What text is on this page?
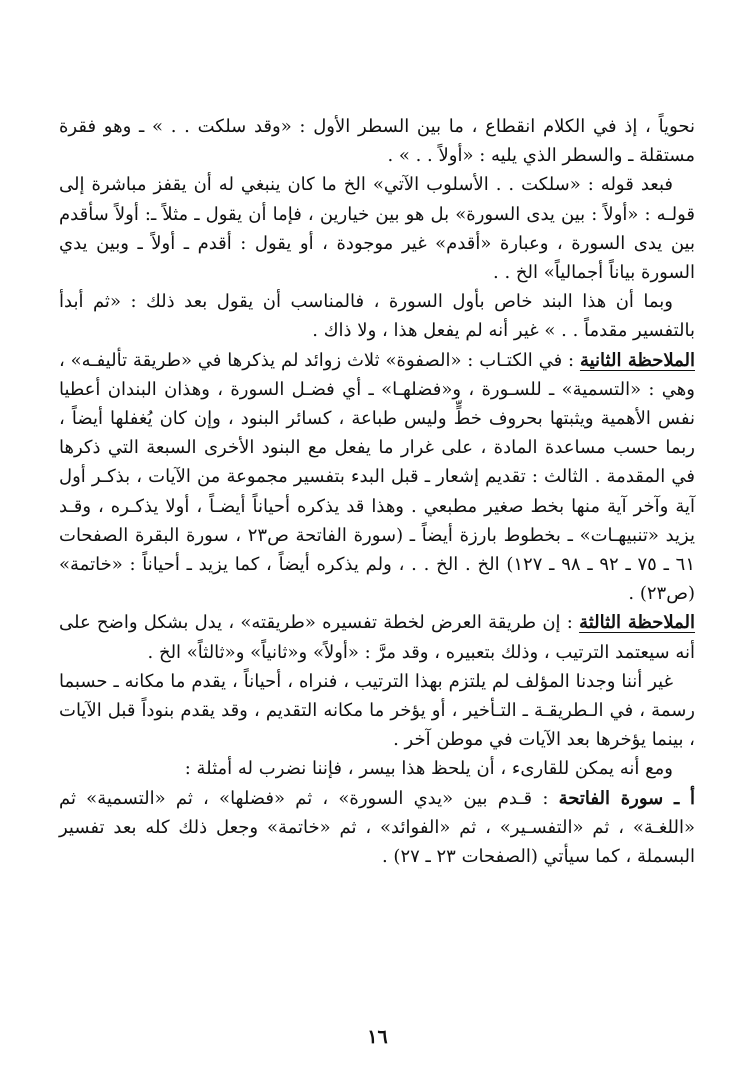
نحوياً ، إذ في الكلام انقطاع ، ما بين السطر الأول : «وقد سلكت . . » ـ وهو فقرة مستقلة ـ والسطر الذي يليه : «أولاً . . » .

فبعد قوله : «سلكت . . الأسلوب الآتي» الخ ما كان ينبغي له أن يقفز مباشرة إلى قولـه : «أولاً : بين يدى السورة» بل هو بين خيارين ، فإما أن يقول ـ مثلاً ـ: أولاً سأقدم بين يدى السورة ، وعبارة «أقدم» غير موجودة ، أو يقول : أقدم ـ أولاً ـ وبين يدي السورة بياناً أجمالياً» الخ . .

وبما أن هذا البند خاص بأول السورة ، فالمناسب أن يقول بعد ذلك : «ثم أبدأ بالتفسير مقدماً . . » غير أنه لم يفعل هذا ، ولا ذاك .

الملاحظة الثانية : في الكتـاب : «الصفوة» ثلاث زوائد لم يذكرها في «طريقة تأليفـه» ، وهي : «التسمية» ـ للسـورة ، و«فضلهـا» ـ أي فضـل السورة ، وهذان البندان أعطيا نفس الأهمية ويثبتها بحروف خطٍّ وليس طباعة ، كسائر البنود ، وإن كان يُغفلها أيضاً ، ربما حسب مساعدة المادة ، على غرار ما يفعل مع البنود الأخرى السبعة التي ذكرها في المقدمة . الثالث : تقديم إشعار ـ قبل البدء بتفسير مجموعة من الآيات ، بذكـر أول آية وآخر آية منها بخط صغير مطبعي . وهذا قد يذكره أحياناً أيضـاً ، أولا يذكـره ، وقـد يزيد «تنبيهـات» ـ بخطوط بارزة أيضاً ـ (سورة الفاتحة ص٢٣ ، سورة البقرة الصفحات ٦١ ـ ٧٥ ـ ٩٢ ـ ٩٨ ـ ١٢٧) الخ . الخ . . ، ولم يذكره أيضاً ، كما يزيد ـ أحياناً : «خاتمة» (ص٢٣) .

الملاحظة الثالثة : إن طريقة العرض لخطة تفسيره «طريقته» ، يدل بشكل واضح على أنه سيعتمد الترتيب ، وذلك بتعبيره ، وقد مرَّ : «أولاً» و«ثانياً» و«ثالثاً» الخ .

غير أننا وجدنا المؤلف لم يلتزم بهذا الترتيب ، فنراه ، أحياناً ، يقدم ما مكانه ـ حسبما رسمة ، في الـطريقـة ـ التـأخير ، أو يؤخر ما مكانه التقديم ، وقد يقدم بنوداً قبل الآيات ، بينما يؤخرها بعد الآيات في موطن آخر .

ومع أنه يمكن للقارىء ، أن يلحظ هذا بيسر ، فإننا نضرب له أمثلة :

أ ـ سورة الفاتحة : قـدم بين «يدي السورة» ، ثم «فضلها» ، ثم «التسمية» ثم «اللغـة» ، ثم «التفسـير» ، ثم «الفوائد» ، ثم «خاتمة» وجعل ذلك كله بعد تفسير البسملة ، كما سيأتي (الصفحات ٢٣ ـ ٢٧) .

١٦
